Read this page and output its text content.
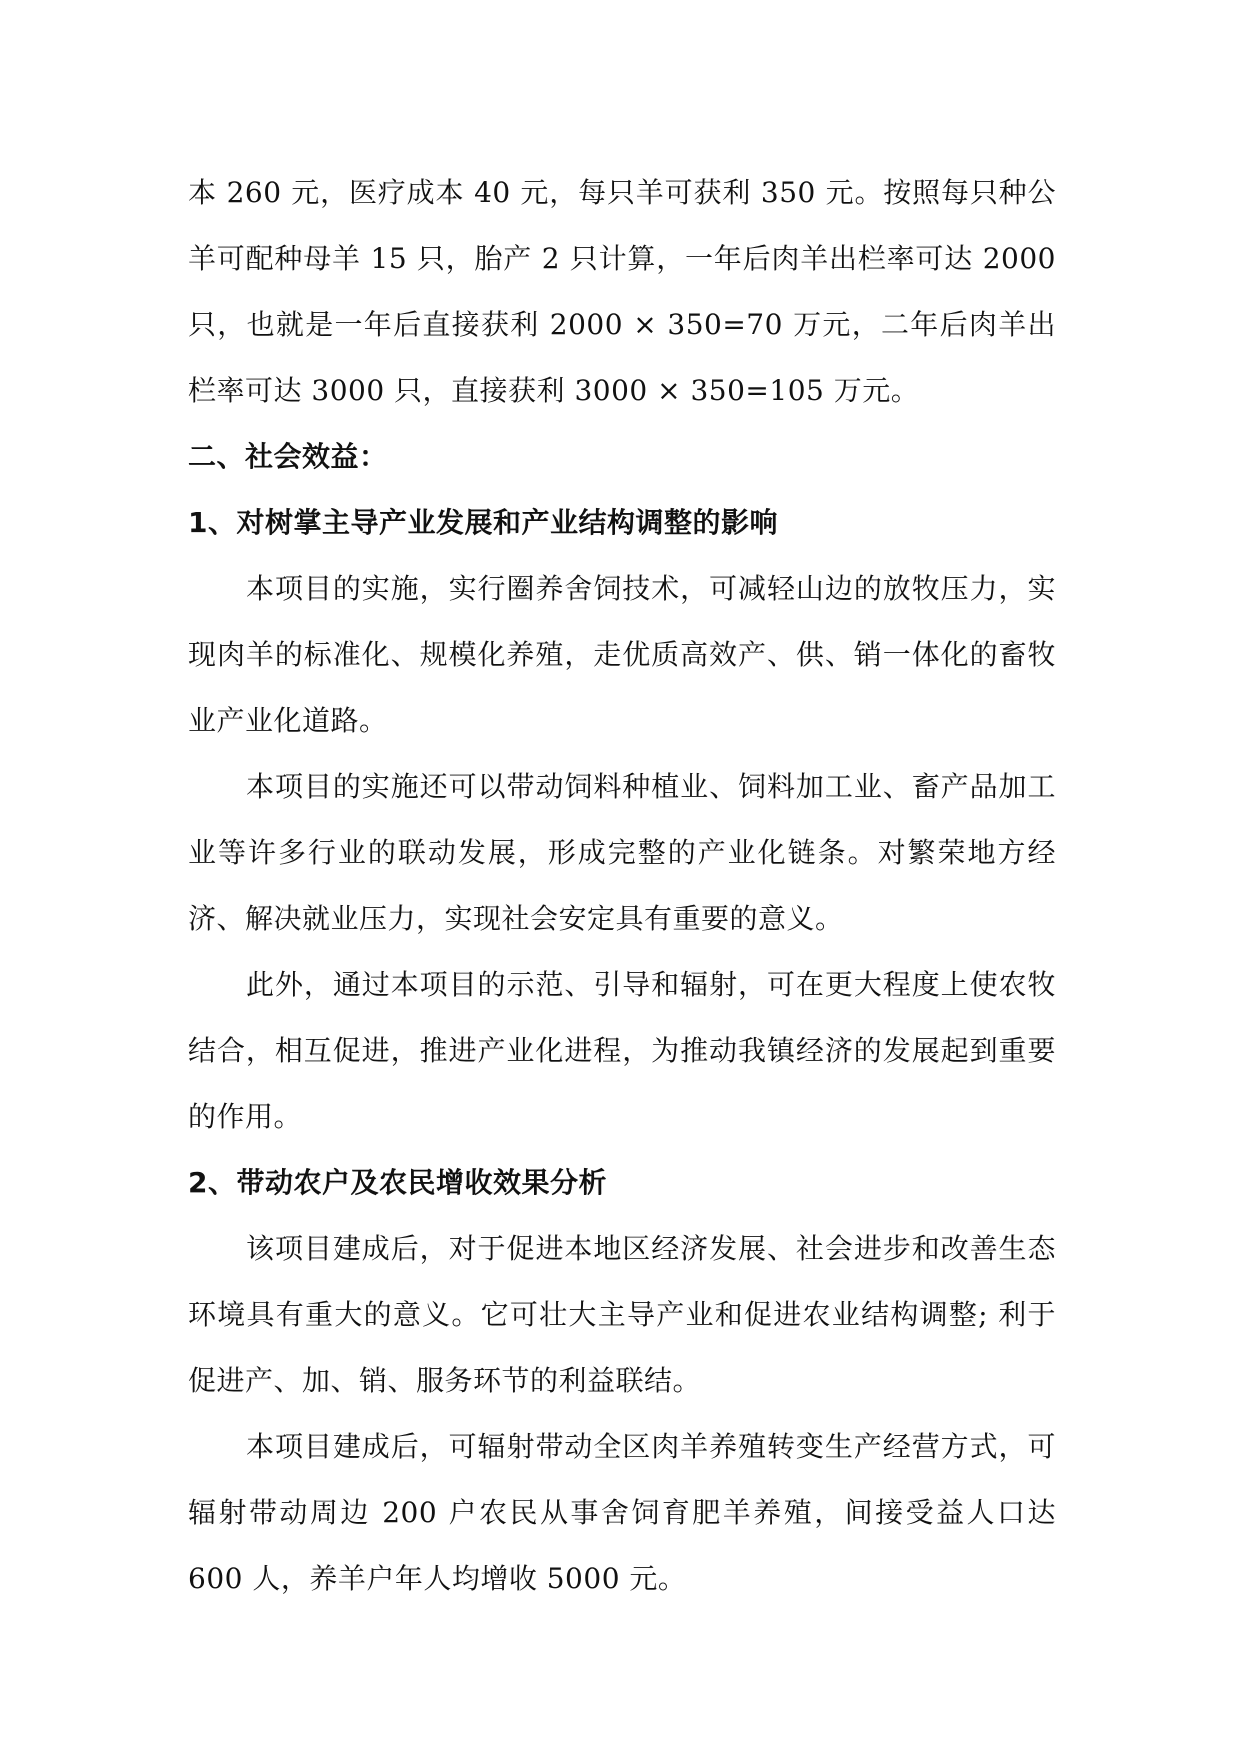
本 260 元，医疗成本 40 元，每只羊可获利 350 元。按照每只种公羊可配种母羊 15 只，胎产 2 只计算，一年后肉羊出栏率可达 2000 只，也就是一年后直接获利 2000 × 350=70 万元，二年后肉羊出栏率可达 3000 只，直接获利 3000 × 350=105 万元。

二、社会效益：

1、对树掌主导产业发展和产业结构调整的影响

本项目的实施，实行圈养舍饲技术，可减轻山边的放牧压力，实现肉羊的标准化、规模化养殖，走优质高效产、供、销一体化的畜牧业产业化道路。

本项目的实施还可以带动饲料种植业、饲料加工业、畜产品加工业等许多行业的联动发展，形成完整的产业化链条。对繁荣地方经济、解决就业压力，实现社会安定具有重要的意义。

此外，通过本项目的示范、引导和辐射，可在更大程度上使农牧结合，相互促进，推进产业化进程，为推动我镇经济的发展起到重要的作用。

2、带动农户及农民增收效果分析

该项目建成后，对于促进本地区经济发展、社会进步和改善生态环境具有重大的意义。它可壮大主导产业和促进农业结构调整; 利于促进产、加、销、服务环节的利益联结。

本项目建成后，可辐射带动全区肉羊养殖转变生产经营方式，可辐射带动周边 200 户农民从事舍饲育肥羊养殖，间接受益人口达 600 人，养羊户年人均增收 5000 元。
